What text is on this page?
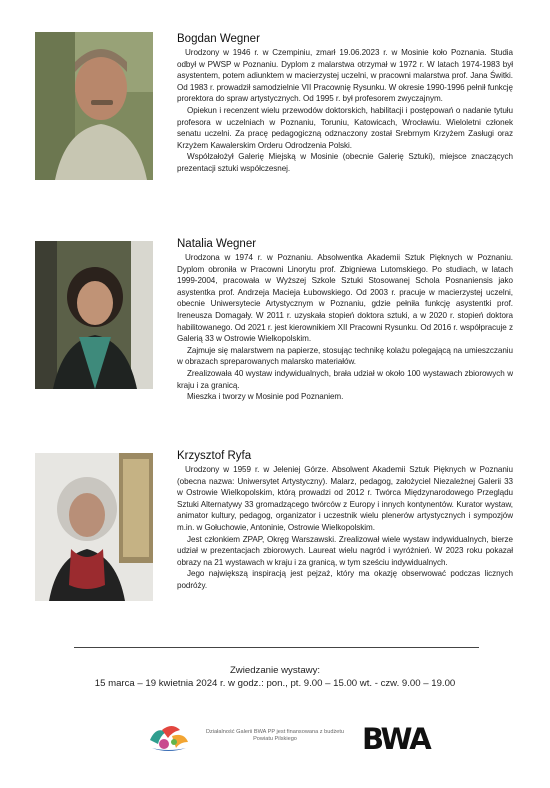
Bogdan Wegner

Urodzony w 1946 r. w Czempiniu, zmarł 19.06.2023 r. w Mosinie koło Poznania. Studia odbył w PWSP w Poznaniu. Dyplom z malarstwa otrzymał w 1972 r. W latach 1974-1983 był asystentem, potem adiunktem w macierzystej uczelni, w pracowni malarstwa prof. Jana Świtki. Od 1983 r. prowadził samodzielnie VII Pracownię Rysunku. W okresie 1990-1996 pełnił funkcję prorektora do spraw artystycznych. Od 1995 r. był profesorem zwyczajnym.

Opiekun i recenzent wielu przewodów doktorskich, habilitacji i postępowań o nadanie tytułu profesora w uczelniach w Poznaniu, Toruniu, Katowicach, Wrocławiu. Wieloletni członek senatu uczelni. Za pracę pedagogiczną odznaczony został Srebrnym Krzyżem Zasługi oraz Krzyżem Kawalerskim Orderu Odrodzenia Polski.

Współzałożył Galerię Miejską w Mosinie (obecnie Galerię Sztuki), miejsce znaczących prezentacji sztuki współczesnej.

Natalia Wegner

Urodzona w 1974 r. w Poznaniu. Absolwentka Akademii Sztuk Pięknych w Poznaniu. Dyplom obroniła w Pracowni Linorytu prof. Zbigniewa Lutomskiego. Po studiach, w latach 1999-2004, pracowała w Wyższej Szkole Sztuki Stosowanej Schola Posnaniensis jako asystentka prof. Andrzeja Macieja Łubowskiego. Od 2003 r. pracuje w macierzystej uczelni, obecnie Uniwersytecie Artystycznym w Poznaniu, gdzie pełniła funkcję asystentki prof. Ireneusza Domagały. W 2011 r. uzyskała stopień doktora sztuki, a w 2020 r. stopień doktora habilitowanego. Od 2021 r. jest kierownikiem XII Pracowni Rysunku. Od 2016 r. współpracuje z Galerią 33 w Ostrowie Wielkopolskim.

Zajmuje się malarstwem na papierze, stosując technikę kolażu polegającą na umieszczaniu w obrazach spreparowanych malarsko materiałów.

Zrealizowała 40 wystaw indywidualnych, brała udział w około 100 wystawach zbiorowych w kraju i za granicą.

Mieszka i tworzy w Mosinie pod Poznaniem.

Krzysztof Ryfa

Urodzony w 1959 r. w Jeleniej Górze. Absolwent Akademii Sztuk Pięknych w Poznaniu (obecna nazwa: Uniwersytet Artystyczny). Malarz, pedagog, założyciel Niezależnej Galerii 33 w Ostrowie Wielkopolskim, którą prowadzi od 2012 r. Twórca Międzynarodowego Przeglądu Sztuki Alternatywy 33 gromadzącego twórców z Europy i innych kontynentów. Kurator wystaw, animator kultury, pedagog, organizator i uczestnik wielu plenerów artystycznych i sympozjów m.in. w Gołuchowie, Antoninie, Ostrowie Wielkopolskim.

Jest członkiem ZPAP, Okręg Warszawski. Zrealizował wiele wystaw indywidualnych, bierze udział w prezentacjach zbiorowych. Laureat wielu nagród i wyróżnień. W 2023 roku pokazał obrazy na 21 wystawach w kraju i za granicą, w tym sześciu indywidualnych.

Jego największą inspiracją jest pejzaż, który ma okazję obserwować podczas licznych podróży.

Zwiedzanie wystawy:
15 marca – 19 kwietnia 2024 r. w godz.: pon., pt. 9.00 – 15.00 wt. - czw. 9.00 – 19.00
Działalność Galerii BWA PP jest finansowana z budżetu Powiatu Pilskiego	BWA
